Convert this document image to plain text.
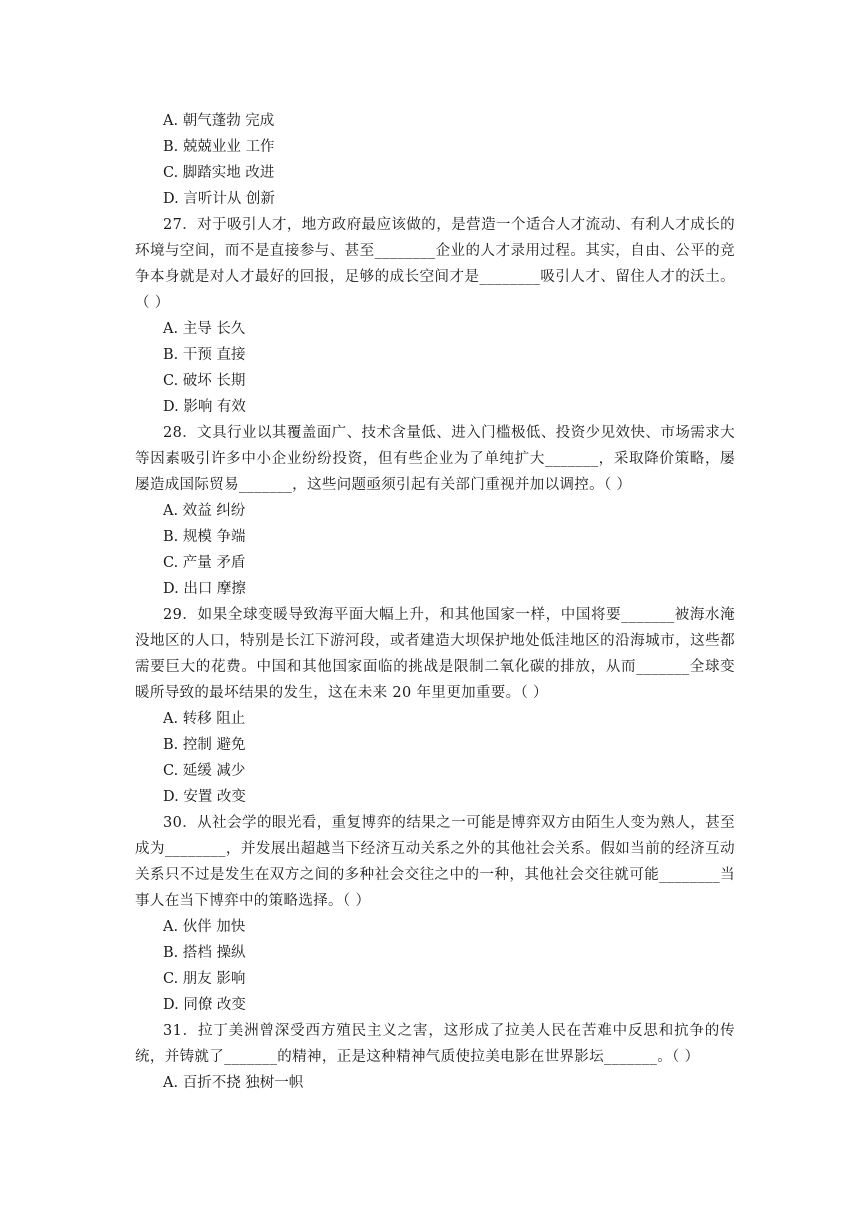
A. 朝气蓬勃 完成
B. 兢兢业业 工作
C. 脚踏实地 改进
D. 言听计从 创新
27．对于吸引人才，地方政府最应该做的，是营造一个适合人才流动、有利人才成长的环境与空间，而不是直接参与、甚至________企业的人才录用过程。其实，自由、公平的竞争本身就是对人才最好的回报，足够的成长空间才是________吸引人才、留住人才的沃土。（ ）
A. 主导 长久
B. 干预 直接
C. 破坏 长期
D. 影响 有效
28．文具行业以其覆盖面广、技术含量低、进入门槛极低、投资少见效快、市场需求大等因素吸引许多中小企业纷纷投资，但有些企业为了单纯扩大_______，采取降价策略，屡屡造成国际贸易_______，这些问题亟须引起有关部门重视并加以调控。（ ）
A. 效益 纠纷
B. 规模 争端
C. 产量 矛盾
D. 出口 摩擦
29．如果全球变暖导致海平面大幅上升，和其他国家一样，中国将要_______被海水淹没地区的人口，特别是长江下游河段，或者建造大坝保护地处低洼地区的沿海城市，这些都需要巨大的花费。中国和其他国家面临的挑战是限制二氧化碳的排放，从而_______全球变暖所导致的最坏结果的发生，这在未来 20 年里更加重要。（ ）
A. 转移 阻止
B. 控制 避免
C. 延缓 减少
D. 安置 改变
30．从社会学的眼光看，重复博弈的结果之一可能是博弈双方由陌生人变为熟人，甚至成为________，并发展出超越当下经济互动关系之外的其他社会关系。假如当前的经济互动关系只不过是发生在双方之间的多种社会交往之中的一种，其他社会交往就可能________当事人在当下博弈中的策略选择。（ ）
A. 伙伴 加快
B. 搭档 操纵
C. 朋友 影响
D. 同僚 改变
31．拉丁美洲曾深受西方殖民主义之害，这形成了拉美人民在苦难中反思和抗争的传统，并铸就了_______的精神，正是这种精神气质使拉美电影在世界影坛_______。（ ）
A. 百折不挠 独树一帜
